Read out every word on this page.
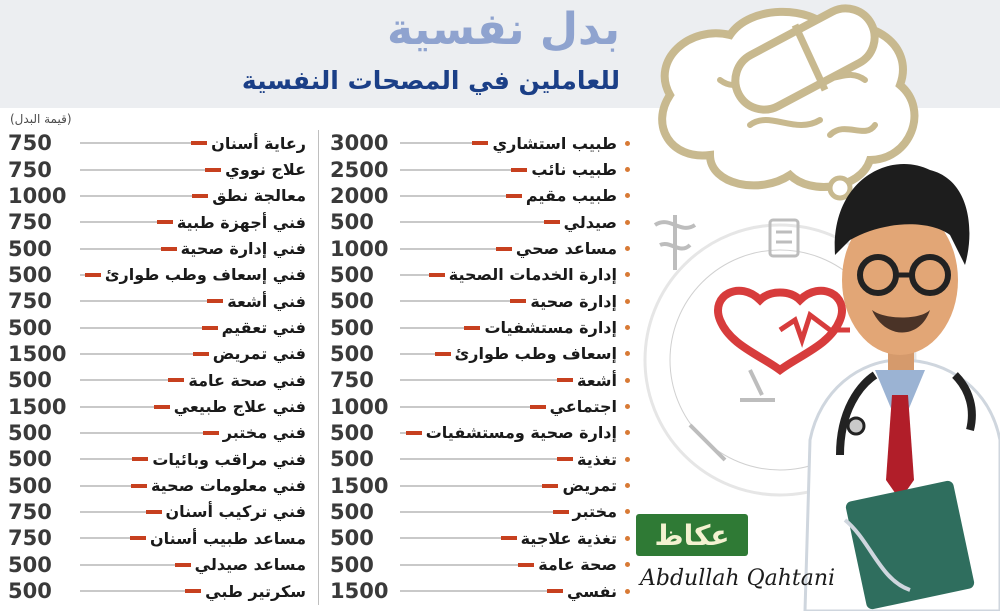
بدل نفسية
للعاملين في المصحات النفسية
(قيمة البدل)
3000	طبيب استشاري
2500	طبيب نائب
2000	طبيب مقيم
500	صيدلي
1000	مساعد صحي
500	إدارة الخدمات الصحية
500	إدارة صحية
500	إدارة مستشفيات
500	إسعاف وطب طوارئ
750	أشعة
1000	اجتماعي
500	إدارة صحية ومستشفيات
500	تغذية
1500	تمريض
500	مختبر
500	تغذية علاجية
500	صحة عامة
1500	نفسي
750	رعاية أسنان
750	علاج نووي
1000	معالجة نطق
750	فني أجهزة طبية
500	فني إدارة صحية
500	فني إسعاف وطب طوارئ
750	فني أشعة
500	فني تعقيم
1500	فني تمريض
500	فني صحة عامة
1500	فني علاج طبيعي
500	فني مختبر
500	فني مراقب وبائيات
500	فني معلومات صحية
750	فني تركيب أسنان
750	مساعد طبيب أسنان
500	مساعد صيدلي
500	سكرتير طبي
عكاظ
Abdullah Qahtani
